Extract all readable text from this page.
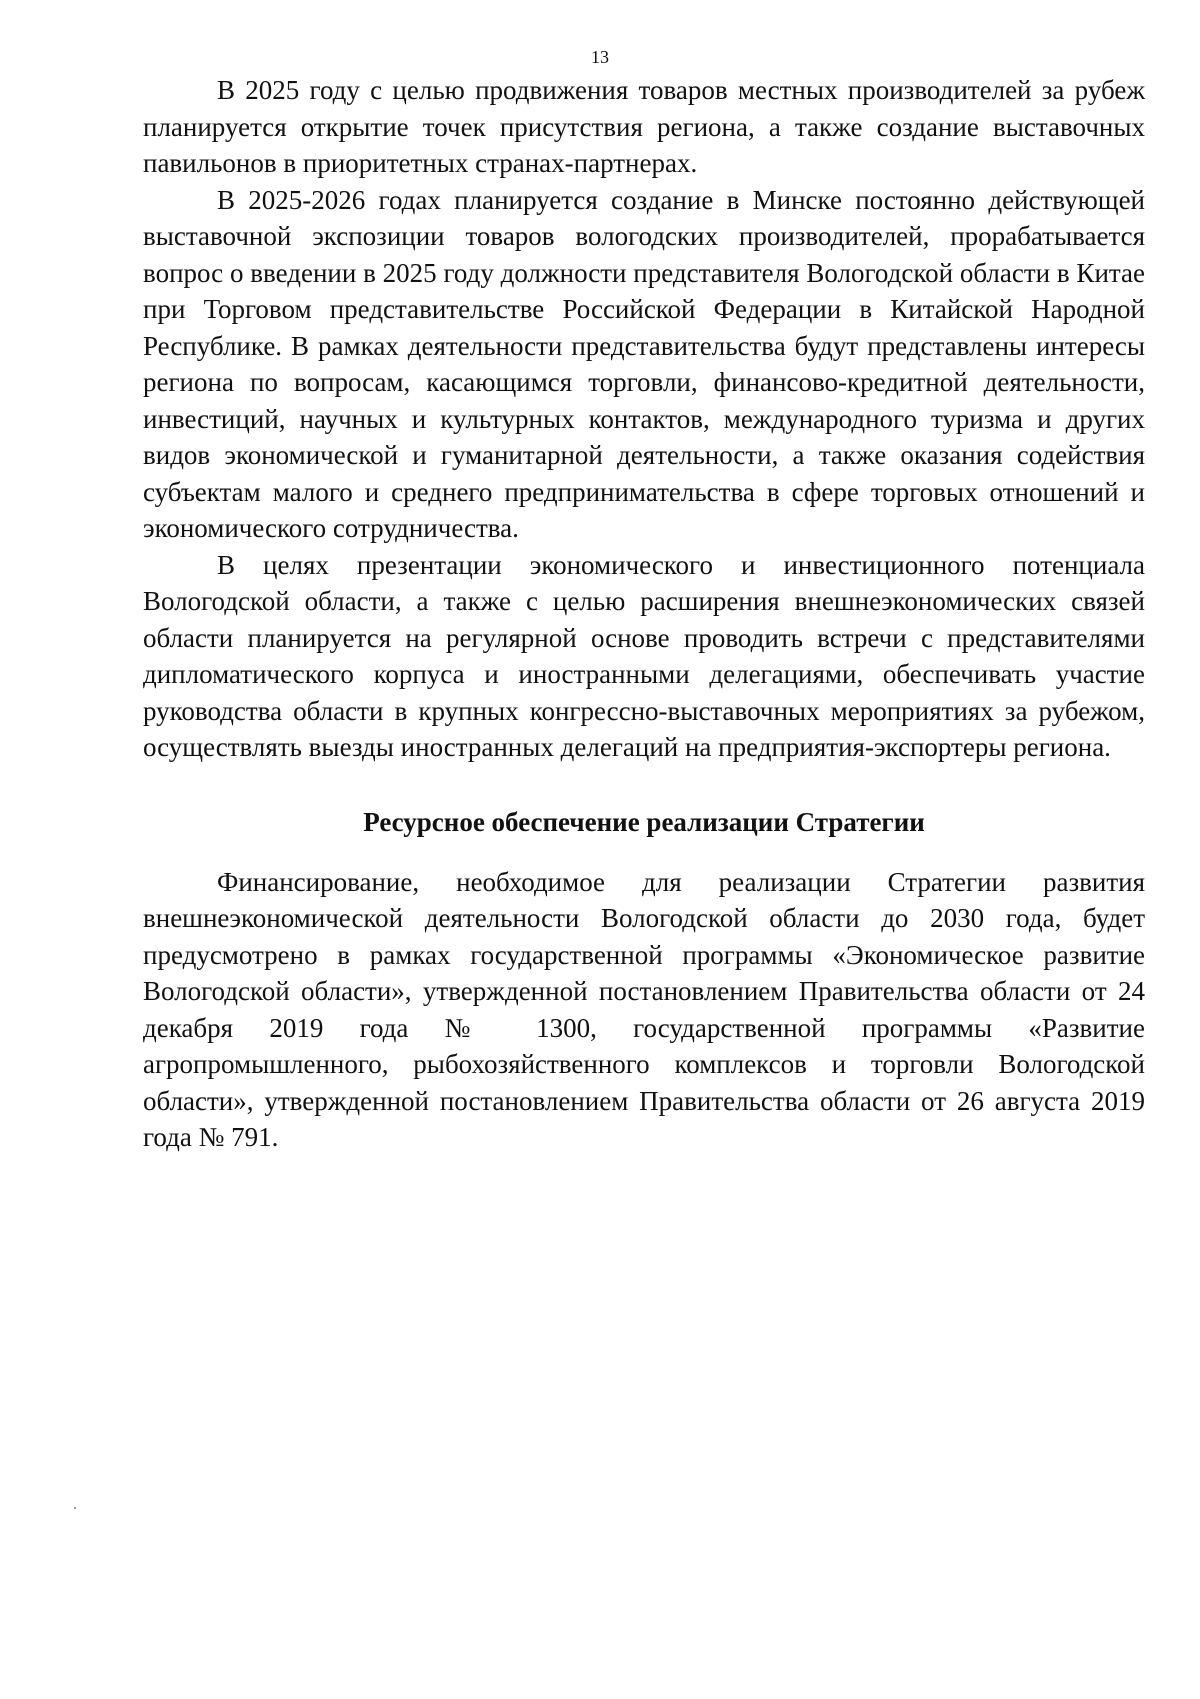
13

В 2025 году с целью продвижения товаров местных производителей за рубеж планируется открытие точек присутствия региона, а также создание выставочных павильонов в приоритетных странах-партнерах.

В 2025-2026 годах планируется создание в Минске постоянно действующей выставочной экспозиции товаров вологодских производителей, прорабатывается вопрос о введении в 2025 году должности представителя Вологодской области в Китае при Торговом представительстве Российской Федерации в Китайской Народной Республике. В рамках деятельности представительства будут представлены интересы региона по вопросам, касающимся торговли, финансово-кредитной деятельности, инвестиций, научных и культурных контактов, международного туризма и других видов экономической и гуманитарной деятельности, а также оказания содействия субъектам малого и среднего предпринимательства в сфере торговых отношений и экономического сотрудничества.

В целях презентации экономического и инвестиционного потенциала Вологодской области, а также с целью расширения внешнеэкономических связей области планируется на регулярной основе проводить встречи с представителями дипломатического корпуса и иностранными делегациями, обеспечивать участие руководства области в крупных конгрессно-выставочных мероприятиях за рубежом, осуществлять выезды иностранных делегаций на предприятия-экспортеры региона.

Ресурсное обеспечение реализации Стратегии

Финансирование, необходимое для реализации Стратегии развития внешнеэкономической деятельности Вологодской области до 2030 года, будет предусмотрено в рамках государственной программы «Экономическое развитие Вологодской области», утвержденной постановлением Правительства области от 24 декабря 2019 года № 1300, государственной программы «Развитие агропромышленного, рыбохозяйственного комплексов и торговли Вологодской области», утвержденной постановлением Правительства области от 26 августа 2019 года № 791.
